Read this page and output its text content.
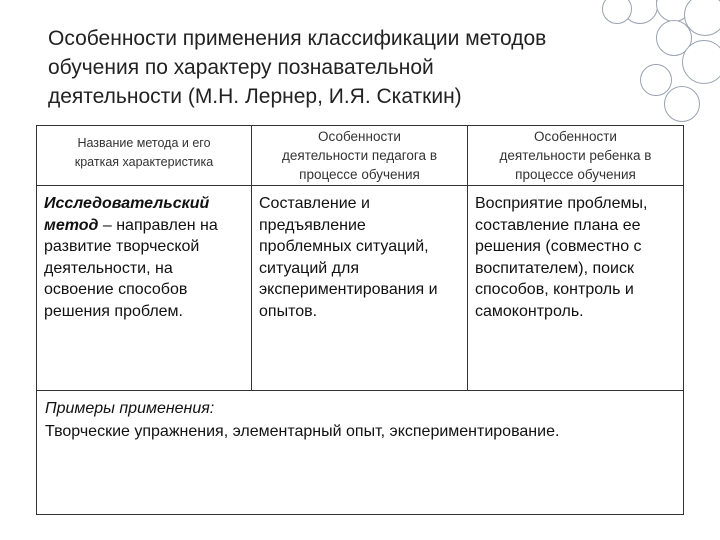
Особенности применения классификации методов
обучения по характеру познавательной
деятельности (М.Н. Лернер, И.Я. Скаткин)
Название метода и его
краткая характеристика
Исследовательский
метод – направлен на
развитие творческой
деятельности, на
освоение способов
решения проблем.
Особенности
деятельности педагога в
процессе обучения
Составление и
предъявление
проблемных ситуаций,
ситуаций для
экспериментирования и
опытов.
Особенности
деятельности ребенка в
процессе обучения
Восприятие проблемы,
составление плана ее
решения (совместно с
воспитателем), поиск
способов, контроль и
самоконтроль.
Примеры применения:
Творческие упражнения, элементарный опыт, экспериментирование.
